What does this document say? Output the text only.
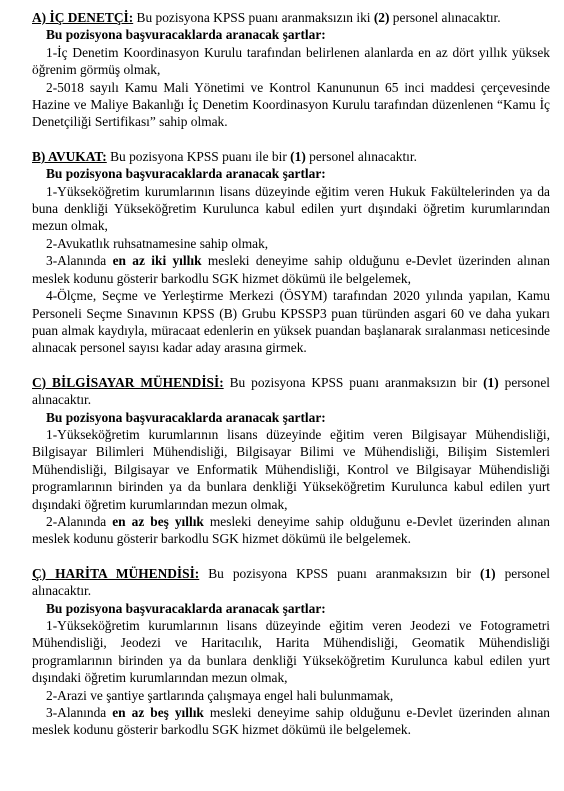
A) İÇ DENETÇİ: Bu pozisyona KPSS puanı aranmaksızın iki (2) personel alınacaktır.

Bu pozisyona başvuracaklarda aranacak şartlar:

1-İç Denetim Koordinasyon Kurulu tarafından belirlenen alanlarda en az dört yıllık yüksek öğrenim görmüş olmak,

2-5018 sayılı Kamu Mali Yönetimi ve Kontrol Kanununun 65 inci maddesi çerçevesinde Hazine ve Maliye Bakanlığı İç Denetim Koordinasyon Kurulu tarafından düzenlenen “Kamu İç Denetçiliği Sertifikası” sahip olmak.

B) AVUKAT: Bu pozisyona KPSS puanı ile bir (1) personel alınacaktır.

Bu pozisyona başvuracaklarda aranacak şartlar:

1-Yükseköğretim kurumlarının lisans düzeyinde eğitim veren Hukuk Fakültelerinden ya da buna denkliği Yükseköğretim Kurulunca kabul edilen yurt dışındaki öğretim kurumlarından mezun olmak,

2-Avukatlık ruhsatnamesine sahip olmak,

3-Alanında en az iki yıllık mesleki deneyime sahip olduğunu e-Devlet üzerinden alınan meslek kodunu gösterir barkodlu SGK hizmet dökümü ile belgelemek,

4-Ölçme, Seçme ve Yerleştirme Merkezi (ÖSYM) tarafından 2020 yılında yapılan, Kamu Personeli Seçme Sınavının KPSS (B) Grubu KPSSP3 puan türünden asgari 60 ve daha yukarı puan almak kaydıyla, müracaat edenlerin en yüksek puandan başlanarak sıralanması neticesinde alınacak personel sayısı kadar aday arasına girmek.

C) BİLGİSAYAR MÜHENDİSİ: Bu pozisyona KPSS puanı aranmaksızın bir (1) personel alınacaktır.

Bu pozisyona başvuracaklarda aranacak şartlar:

1-Yükseköğretim kurumlarının lisans düzeyinde eğitim veren Bilgisayar Mühendisliği, Bilgisayar Bilimleri Mühendisliği, Bilgisayar Bilimi ve Mühendisliği, Bilişim Sistemleri Mühendisliği, Bilgisayar ve Enformatik Mühendisliği, Kontrol ve Bilgisayar Mühendisliği programlarının birinden ya da bunlara denkliği Yükseköğretim Kurulunca kabul edilen yurt dışındaki öğretim kurumlarından mezun olmak,

2-Alanında en az beş yıllık mesleki deneyime sahip olduğunu e-Devlet üzerinden alınan meslek kodunu gösterir barkodlu SGK hizmet dökümü ile belgelemek.

Ç) HARİTA MÜHENDİSİ: Bu pozisyona KPSS puanı aranmaksızın bir (1) personel alınacaktır.

Bu pozisyona başvuracaklarda aranacak şartlar:

1-Yükseköğretim kurumlarının lisans düzeyinde eğitim veren Jeodezi ve Fotogrametri Mühendisliği, Jeodezi ve Haritacılık, Harita Mühendisliği, Geomatik Mühendisliği programlarının birinden ya da bunlara denkliği Yükseköğretim Kurulunca kabul edilen yurt dışındaki öğretim kurumlarından mezun olmak,

2-Arazi ve şantiye şartlarında çalışmaya engel hali bulunmamak,

3-Alanında en az beş yıllık mesleki deneyime sahip olduğunu e-Devlet üzerinden alınan meslek kodunu gösterir barkodlu SGK hizmet dökümü ile belgelemek.
